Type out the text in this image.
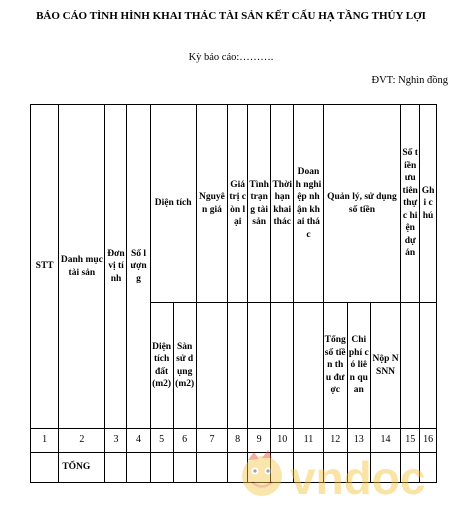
BÁO CÁO TÌNH HÌNH KHAI THÁC TÀI SẢN KẾT CẤU HẠ TẦNG THỦY LỢI
Kỳ báo cáo:……….
ĐVT: Nghìn đồng
STT	Danh mục tài sản	Đơn vị tính	Số lượng	Diện tích		Nguyên giá	Giá trị còn lại	Tình trạng tài sản	Thời hạn khai thác	Doanh nghiệp nhận khai thác	Quản lý, sử dụng số tiền			Số tiền ưu tiên thực hiện dự án	Ghi chú
				Diện tích đất (m2)	Sàn sử dụng (m2)						Tổng số tiền thu được	Chi phí có liên quan	Nộp NSNN		
1	2	3	4	5	6	7	8	9	10	11	12	13	14	15	16
	TỔNG															vndoc
